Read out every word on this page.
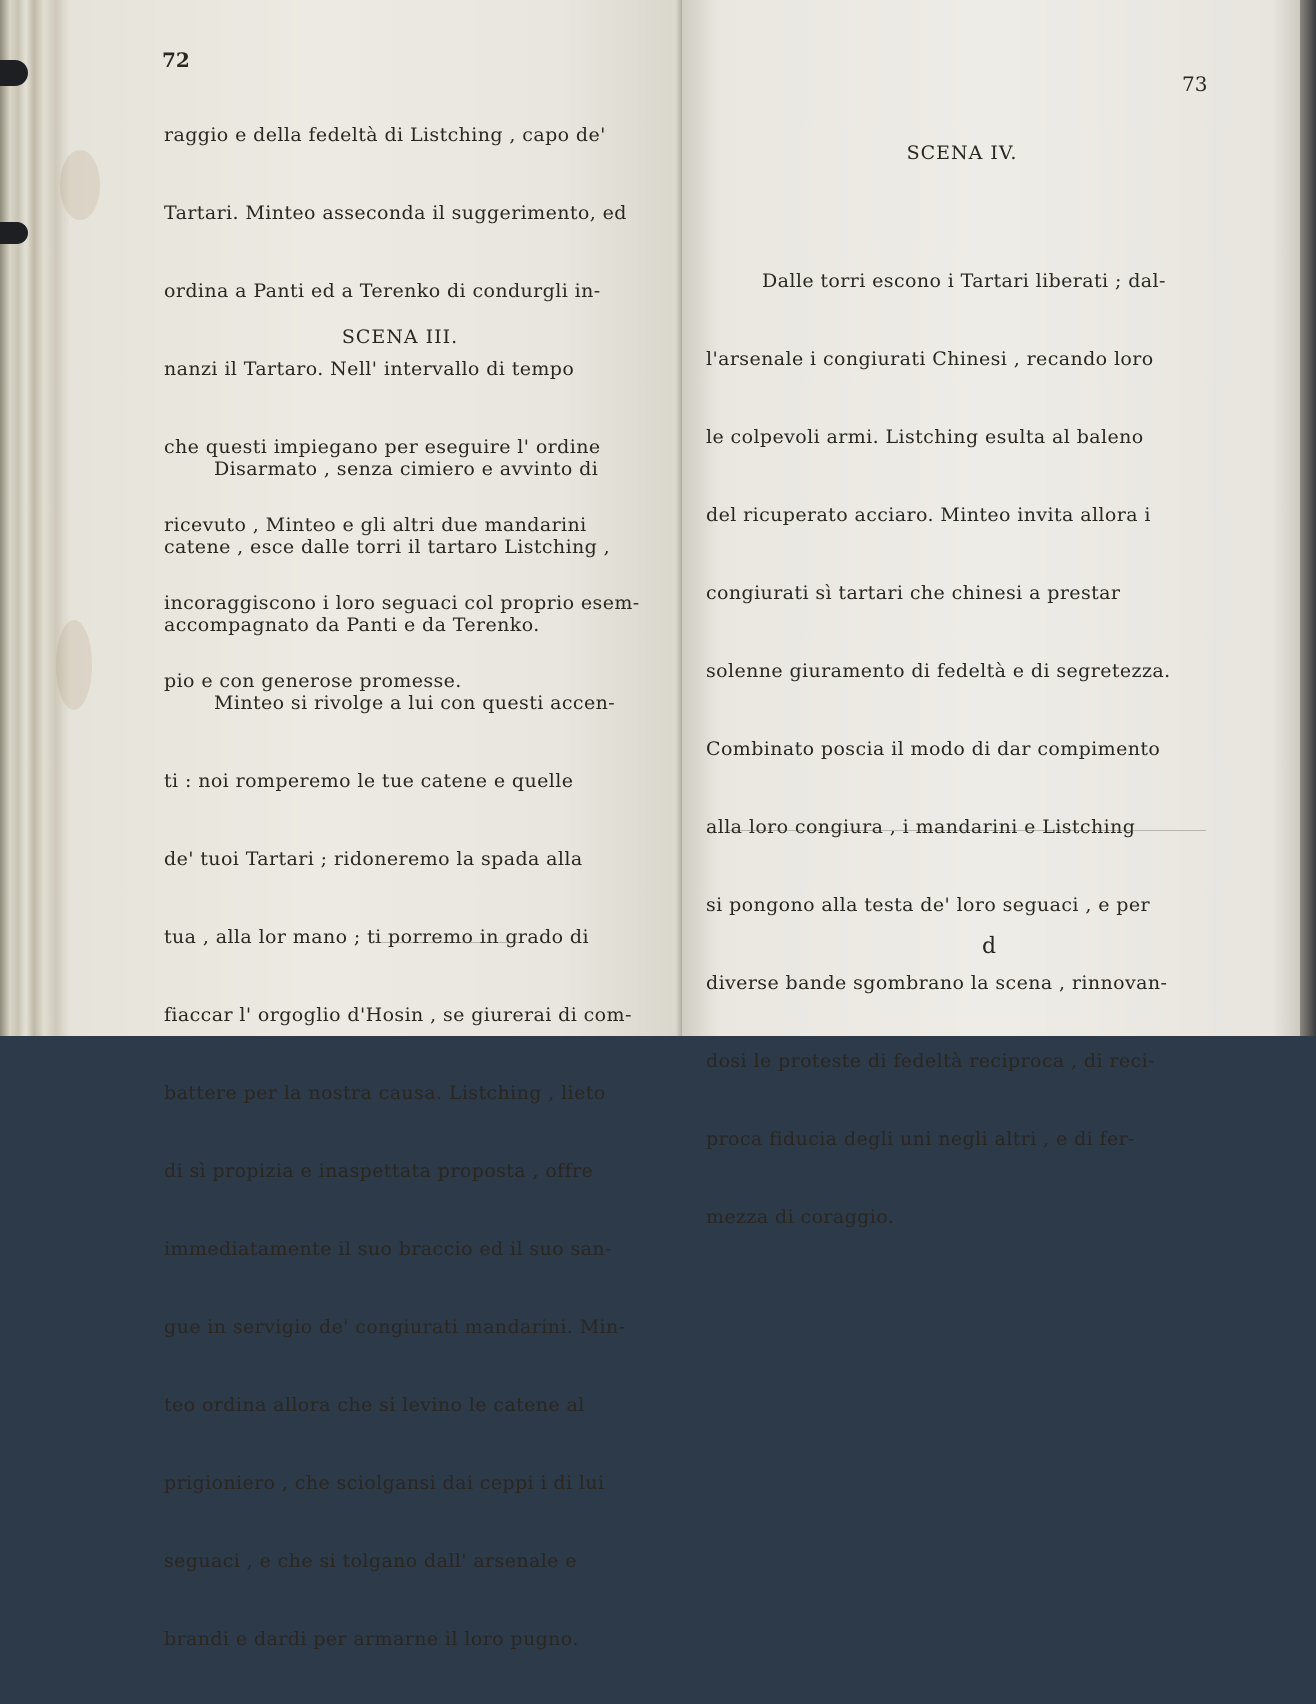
72

raggio e della fedeltà di Listching , capo de'

Tartari. Minteo asseconda il suggerimento, ed

ordina a Panti ed a Terenko di condurgli in-

nanzi il Tartaro. Nell' intervallo di tempo

che questi impiegano per eseguire l' ordine

ricevuto , Minteo e gli altri due mandarini

incoraggiscono i loro seguaci col proprio esem-

pio e con generose promesse.

SCENA III.

Disarmato , senza cimiero e avvinto di

catene , esce dalle torri il tartaro Listching ,

accompagnato da Panti e da Terenko.

Minteo si rivolge a lui con questi accen-

ti : noi romperemo le tue catene e quelle

de' tuoi Tartari ; ridoneremo la spada alla

tua , alla lor mano ; ti porremo in grado di

fiaccar l' orgoglio d'Hosin , se giurerai di com-

battere per la nostra causa. Listching , lieto

di sì propizia e inaspettata proposta , offre

immediatamente il suo braccio ed il suo san-

gue in servigio de' congiurati mandarini. Min-

teo ordina allora che si levino le catene al

prigioniero , che sciolgansi dai ceppi i di lui

seguaci , e che si tolgano dall' arsenale e

brandi e dardi per armarne il loro pugno.

73
SCENA IV.

Dalle torri escono i Tartari liberati ; dal-

l'arsenale i congiurati Chinesi , recando loro

le colpevoli armi. Listching esulta al baleno

del ricuperato acciaro. Minteo invita allora i

congiurati sì tartari che chinesi a prestar

solenne giuramento di fedeltà e di segretezza.

Combinato poscia il modo di dar compimento

alla loro congiura , i mandarini e Listching

si pongono alla testa de' loro seguaci , e per

diverse bande sgombrano la scena , rinnovan-

dosi le proteste di fedeltà reciproca , di reci-

proca fiducia degli uni negli altri , e di fer-

mezza di coraggio.

d
